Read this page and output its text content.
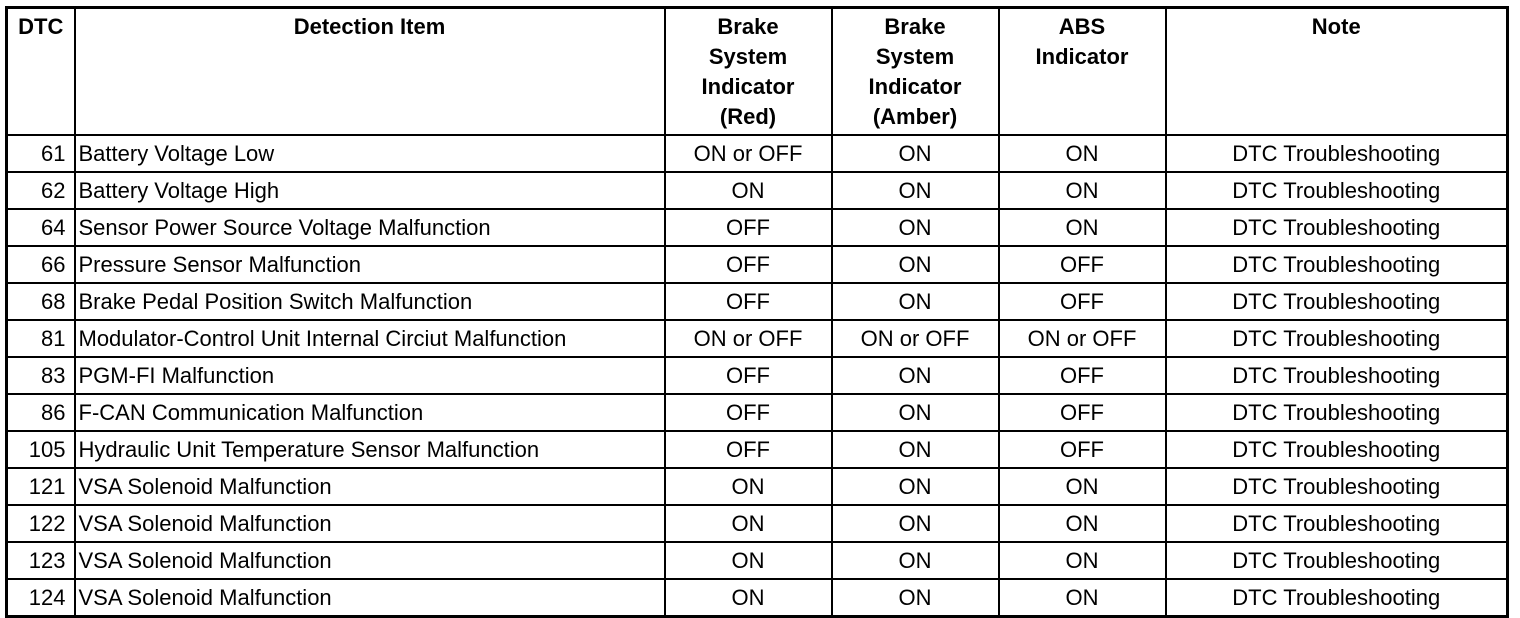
DTC	Detection Item	Brake
System
Indicator
(Red)	Brake
System
Indicator
(Amber)	ABS
Indicator	Note
61	Battery Voltage Low	ON or OFF	ON	ON	DTC Troubleshooting
62	Battery Voltage High	ON	ON	ON	DTC Troubleshooting
64	Sensor Power Source Voltage Malfunction	OFF	ON	ON	DTC Troubleshooting
66	Pressure Sensor Malfunction	OFF	ON	OFF	DTC Troubleshooting
68	Brake Pedal Position Switch Malfunction	OFF	ON	OFF	DTC Troubleshooting
81	Modulator-Control Unit Internal Circiut Malfunction	ON or OFF	ON or OFF	ON or OFF	DTC Troubleshooting
83	PGM-FI Malfunction	OFF	ON	OFF	DTC Troubleshooting
86	F-CAN Communication Malfunction	OFF	ON	OFF	DTC Troubleshooting
105	Hydraulic Unit Temperature Sensor Malfunction	OFF	ON	OFF	DTC Troubleshooting
121	VSA Solenoid Malfunction	ON	ON	ON	DTC Troubleshooting
122	VSA Solenoid Malfunction	ON	ON	ON	DTC Troubleshooting
123	VSA Solenoid Malfunction	ON	ON	ON	DTC Troubleshooting
124	VSA Solenoid Malfunction	ON	ON	ON	DTC Troubleshooting
